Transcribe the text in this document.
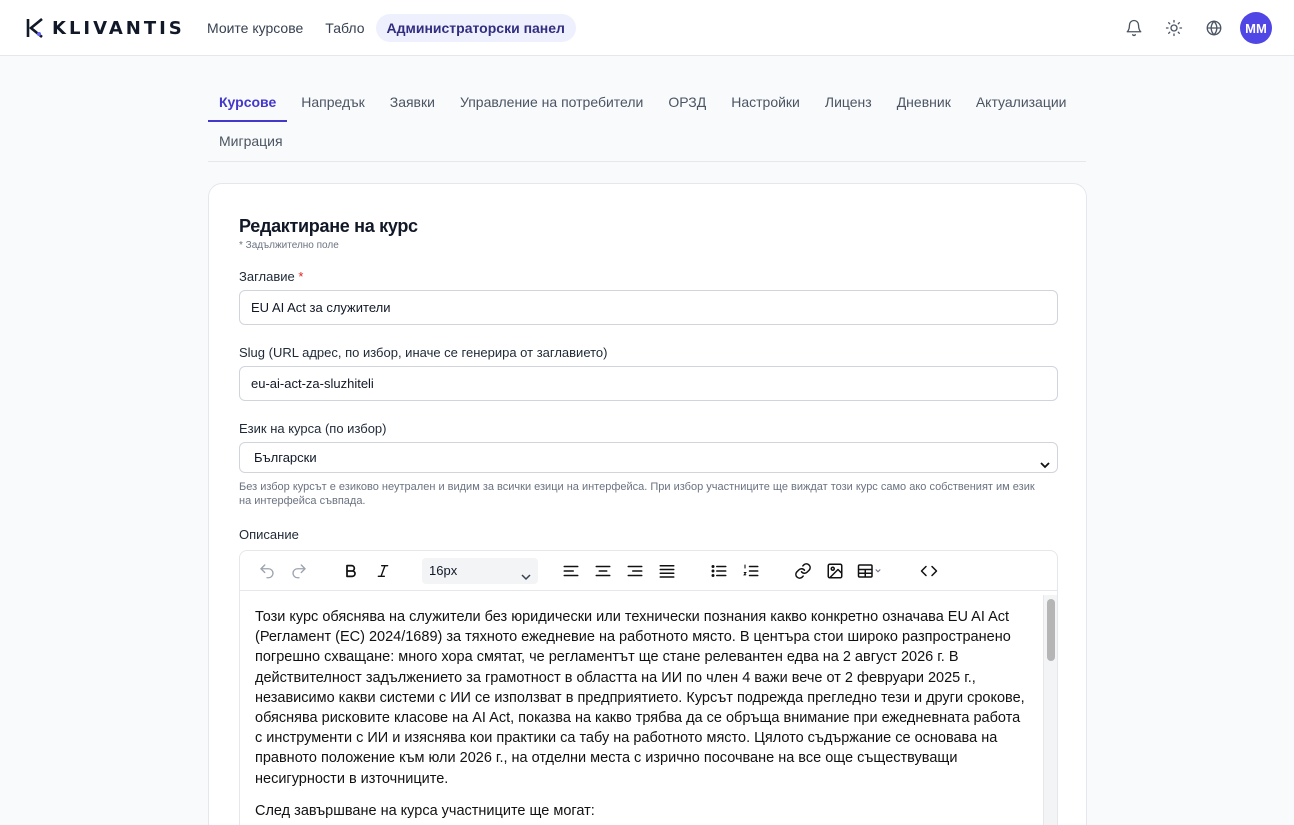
KLIVANTIS	Моите курсове	Табло	Администраторски панел	MM
Курсове	Напредък	Заявки	Управление на потребители	ОРЗД	Настройки	Лиценз	Дневник	Актуализации
Миграция
Редактиране на курс
* Задължително поле
Заглавие *
EU AI Act за служители
Slug (URL адрес, по избор, иначе се генерира от заглавието)
eu-ai-act-za-sluzhiteli
Език на курса (по избор)
Български
Без избор курсът е езиково неутрален и видим за всички езици на интерфейса. При избор участниците ще виждат този курс само ако собственият им език на интерфейса съвпада.
Описание
16px

Този курс обяснява на служители без юридически или технически познания какво конкретно означава EU AI Act (Регламент (ЕС) 2024/1689) за тяхното ежедневие на работното място. В центъра стои широко разпространено погрешно схващане: много хора смятат, че регламентът ще стане релевантен едва на 2 август 2026 г. В действителност задължението за грамотност в областта на ИИ по член 4 важи вече от 2 февруари 2025 г., независимо какви системи с ИИ се използват в предприятието. Курсът подрежда прегледно тези и други срокове, обяснява рисковите класове на AI Act, показва на какво трябва да се обръща внимание при ежедневната работа с инструменти с ИИ и изяснява кои практики са табу на работното място. Цялото съдържание се основава на правното положение към юли 2026 г., на отделни места с изрично посочване на все още съществуващи несигурности в източниците.

След завършване на курса участниците ще могат:
